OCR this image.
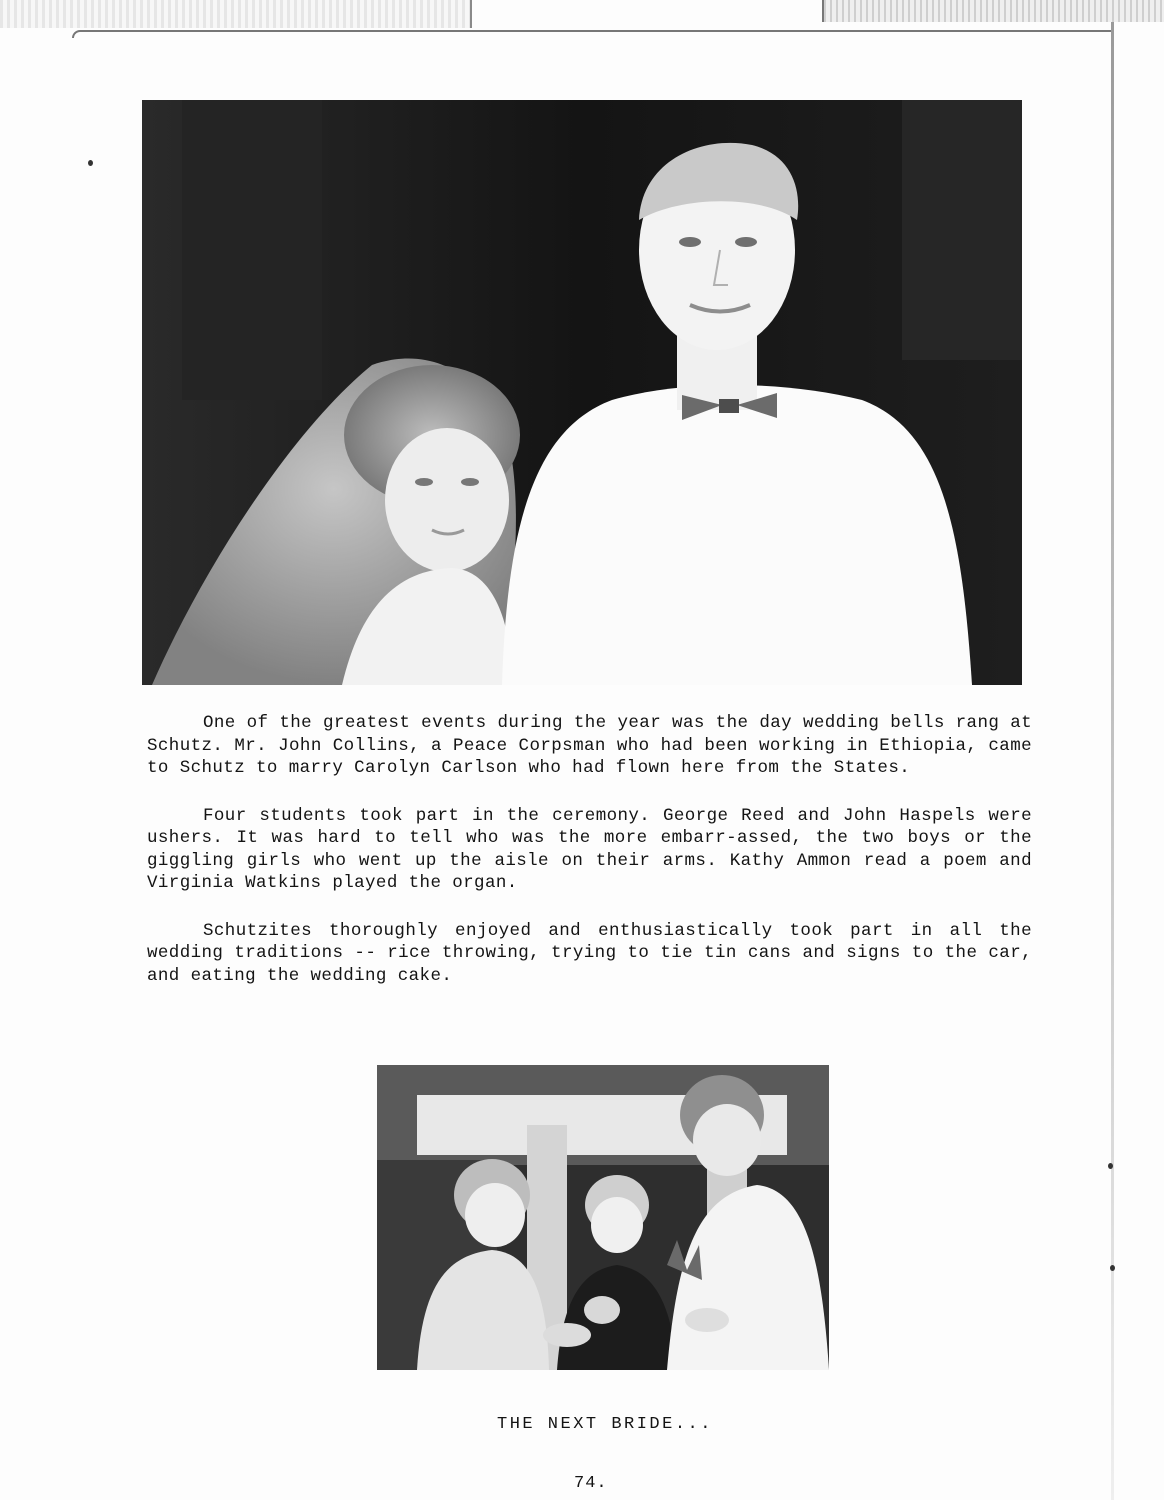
One of the greatest events during the year was the day wedding bells rang at Schutz. Mr. John Collins, a Peace Corpsman who had been working in Ethiopia, came to Schutz to marry Carolyn Carlson who had flown here from the States.

Four students took part in the ceremony. George Reed and John Haspels were ushers. It was hard to tell who was the more embarr-assed, the two boys or the giggling girls who went up the aisle on their arms. Kathy Ammon read a poem and Virginia Watkins played the organ.

Schutzites thoroughly enjoyed and enthusiastically took part in all the wedding traditions -- rice throwing, trying to tie tin cans and signs to the car, and eating the wedding cake.

THE NEXT BRIDE...
74.
